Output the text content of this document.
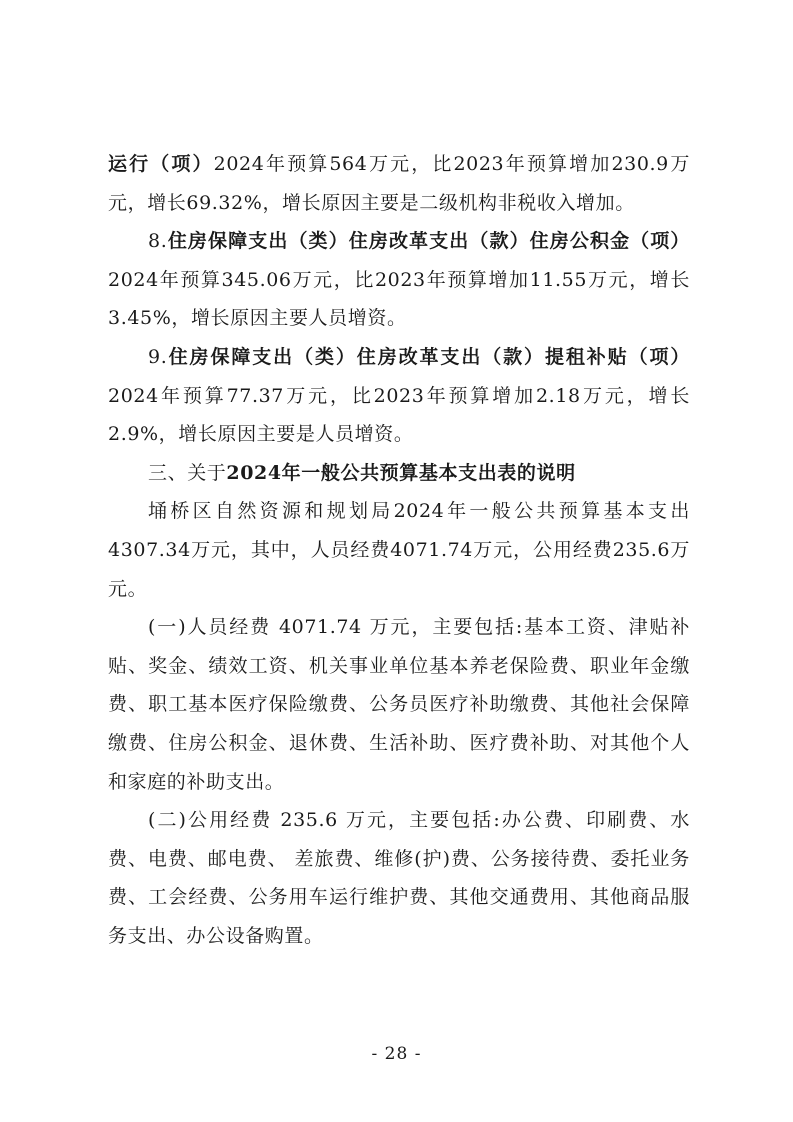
运行（项）2024年预算564万元，比2023年预算增加230.9万元，增长69.32%，增长原因主要是二级机构非税收入增加。

8.住房保障支出（类）住房改革支出（款）住房公积金（项）2024年预算345.06万元，比2023年预算增加11.55万元，增长3.45%，增长原因主要人员增资。

9.住房保障支出（类）住房改革支出（款）提租补贴（项）2024年预算77.37万元，比2023年预算增加2.18万元，增长2.9%，增长原因主要是人员增资。

三、关于2024年一般公共预算基本支出表的说明

埇桥区自然资源和规划局2024年一般公共预算基本支出4307.34万元，其中，人员经费4071.74万元，公用经费235.6万元。

(一)人员经费 4071.74 万元，主要包括:基本工资、津贴补贴、奖金、绩效工资、机关事业单位基本养老保险费、职业年金缴费、职工基本医疗保险缴费、公务员医疗补助缴费、其他社会保障缴费、住房公积金、退休费、生活补助、医疗费补助、对其他个人和家庭的补助支出。

(二)公用经费 235.6 万元，主要包括:办公费、印刷费、水费、电费、邮电费、 差旅费、维修(护)费、公务接待费、委托业务费、工会经费、公务用车运行维护费、其他交通费用、其他商品服务支出、办公设备购置。

- 28 -
